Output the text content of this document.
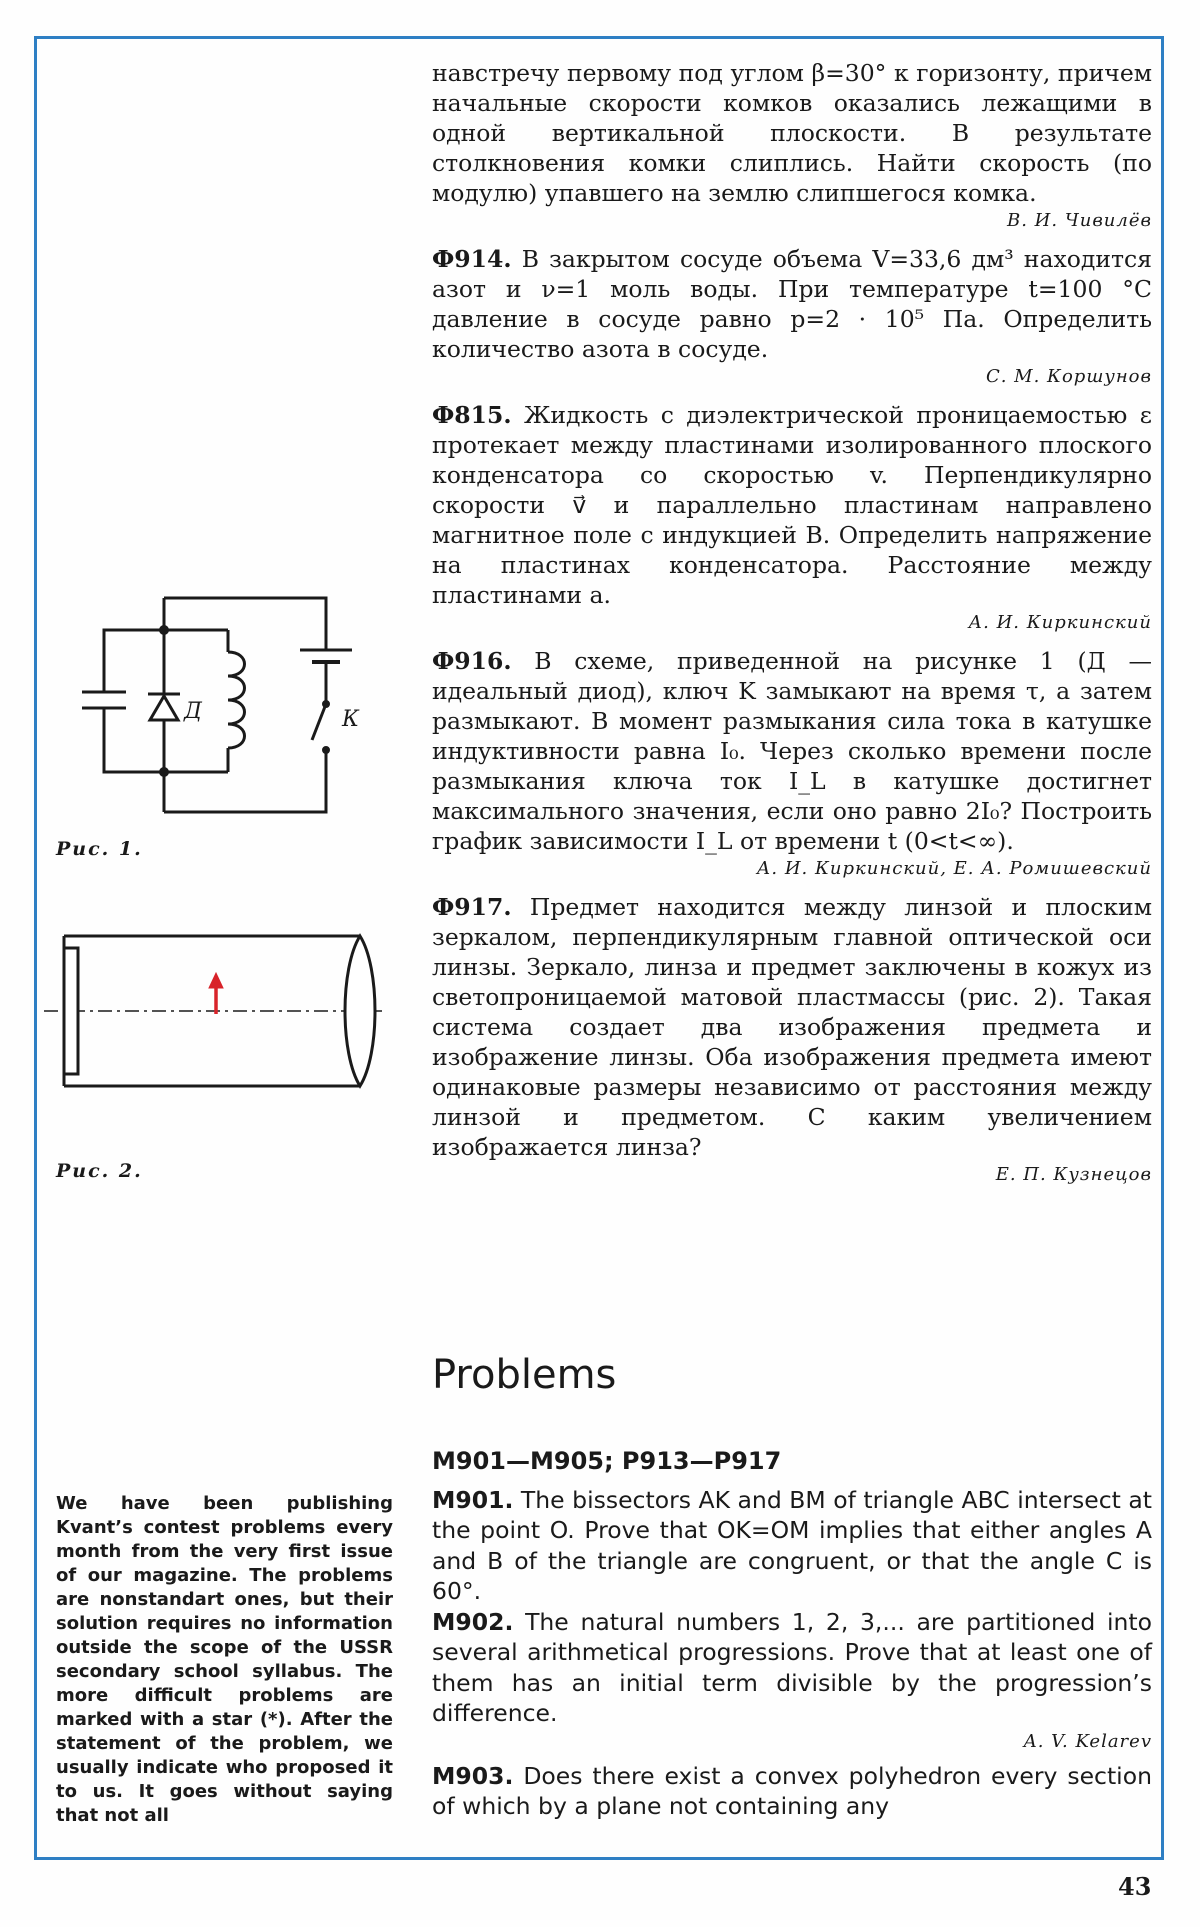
навстречу первому под углом β=30° к горизонту, причем начальные скорости комков оказались лежащими в одной вертикальной плоскости. В результате столкновения комки слиплись. Найти скорость (по модулю) упавшего на землю слипшегося комка.

В. И. Чивилёв

Ф914. В закрытом сосуде объема V=33,6 дм³ находится азот и ν=1 моль воды. При температуре t=100 °C давление в сосуде равно p=2 · 10⁵ Па. Определить количество азота в сосуде.

С. М. Коршунов

Ф815. Жидкость с диэлектрической проницаемостью ε протекает между пластинами изолированного плоского конденсатора со скоростью v. Перпендикулярно скорости v⃗ и параллельно пластинам направлено магнитное поле с индукцией B. Определить напряжение на пластинах конденсатора. Расстояние между пластинами a.

А. И. Киркинский

Ф916. В схеме, приведенной на рисунке 1 (Д — идеальный диод), ключ K замыкают на время τ, а затем размыкают. В момент размыкания сила тока в катушке индуктивности равна I₀. Через сколько времени после размыкания ключа ток I_L в катушке достигнет максимального значения, если оно равно 2I₀? Построить график зависимости I_L от времени t (0<t<∞).

А. И. Киркинский, Е. А. Ромишевский

Ф917. Предмет находится между линзой и плоским зеркалом, перпендикулярным главной оптической оси линзы. Зеркало, линза и предмет заключены в кожух из светопроницаемой матовой пластмассы (рис. 2). Такая система создает два изображения предмета и изображение линзы. Оба изображения предмета имеют одинаковые размеры независимо от расстояния между линзой и предметом. С каким увеличением изображается линза?

Е. П. Кузнецов

Д	К
Рис. 1.
Рис. 2.
Problems

M901—M905; P913—P917

M901. The bissectors AK and BM of triangle ABC intersect at the point O. Prove that OK=OM implies that either angles A and B of the triangle are congruent, or that the angle C is 60°.

M902. The natural numbers 1, 2, 3,... are partitioned into several arithmetical progressions. Prove that at least one of them has an initial term divisible by the progression’s difference.

A. V. Kelarev

M903. Does there exist a convex polyhedron every section of which by a plane not containing any

We have been publishing Kvant’s contest problems every month from the very first issue of our magazine. The problems are nonstandart ones, but their solution requires no information outside the scope of the USSR secondary school syllabus. The more difficult problems are marked with a star (*). After the statement of the problem, we usually indicate who proposed it to us. It goes without saying that not all
43
